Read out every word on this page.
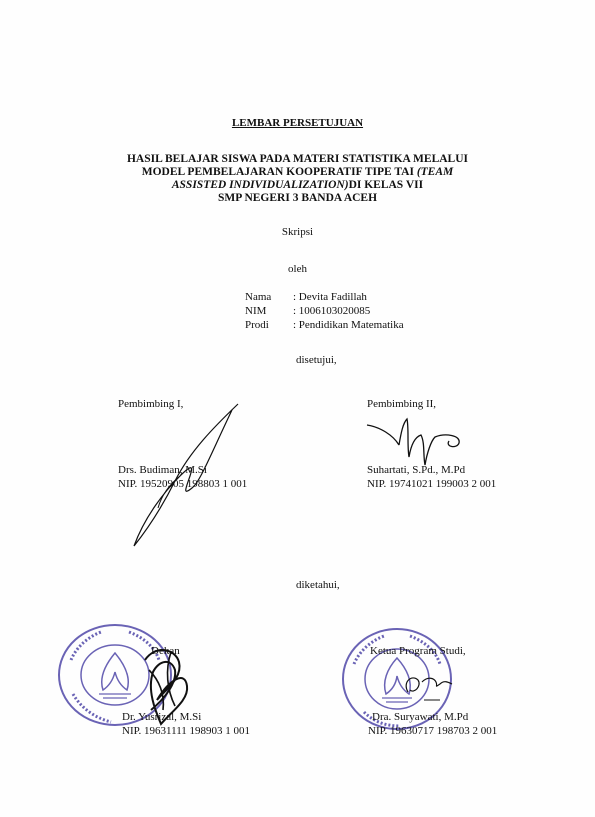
LEMBAR PERSETUJUAN
HASIL BELAJAR SISWA PADA MATERI STATISTIKA MELALUI
MODEL PEMBELAJARAN KOOPERATIF TIPE TAI (TEAM
ASSISTED INDIVIDUALIZATION)DI KELAS VII
SMP NEGERI 3 BANDA ACEH
Skripsi
oleh
Nama : Devita Fadillah
NIM : 1006103020085
Prodi : Pendidikan Matematika
disetujui,
Pembimbing I,
Drs. Budiman, M.Si
NIP. 19520905 198803 1 001
Pembimbing II,
Suhartati, S.Pd., M.Pd
NIP. 19741021 199003 2 001
diketahui,
Dekan
Dr. Yusrizal, M.Si
NIP. 19631111 198903 1 001
Ketua Program Studi,
Dra. Suryawati, M.Pd
NIP. 19630717 198703 2 001
